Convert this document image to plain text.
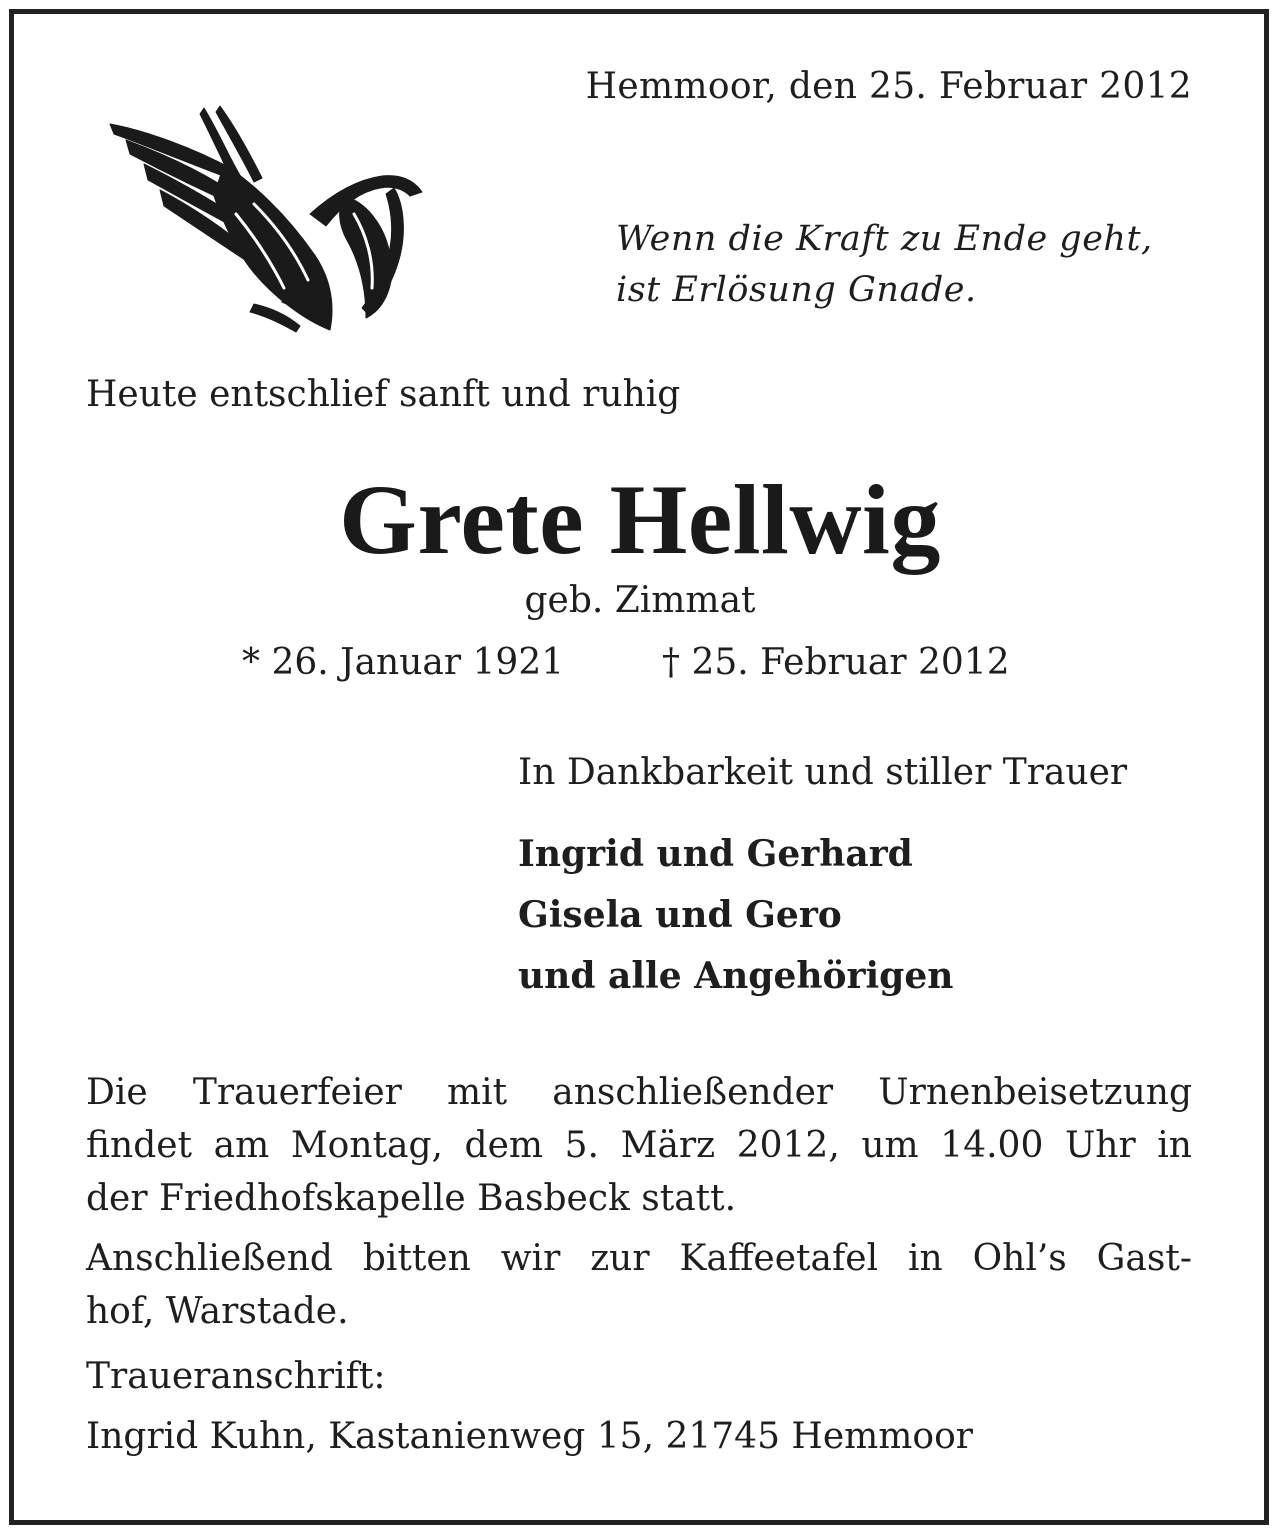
Hemmoor, den 25. Februar 2012
Wenn die Kraft zu Ende geht,
ist Erlösung Gnade.
Heute entschlief sanft und ruhig
Grete Hellwig
geb. Zimmat
* 26. Januar 1921	† 25. Februar 2012
In Dankbarkeit und stiller Trauer
Ingrid und Gerhard
Gisela und Gero
und alle Angehörigen
Die Trauerfeier mit anschließender Urnenbeisetzung
findet am Montag, dem 5. März 2012, um 14.00 Uhr in
der Friedhofskapelle Basbeck statt.
Anschließend bitten wir zur Kaffeetafel in Ohl’s Gast-
hof, Warstade.
Traueranschrift:
Ingrid Kuhn, Kastanienweg 15, 21745 Hemmoor
